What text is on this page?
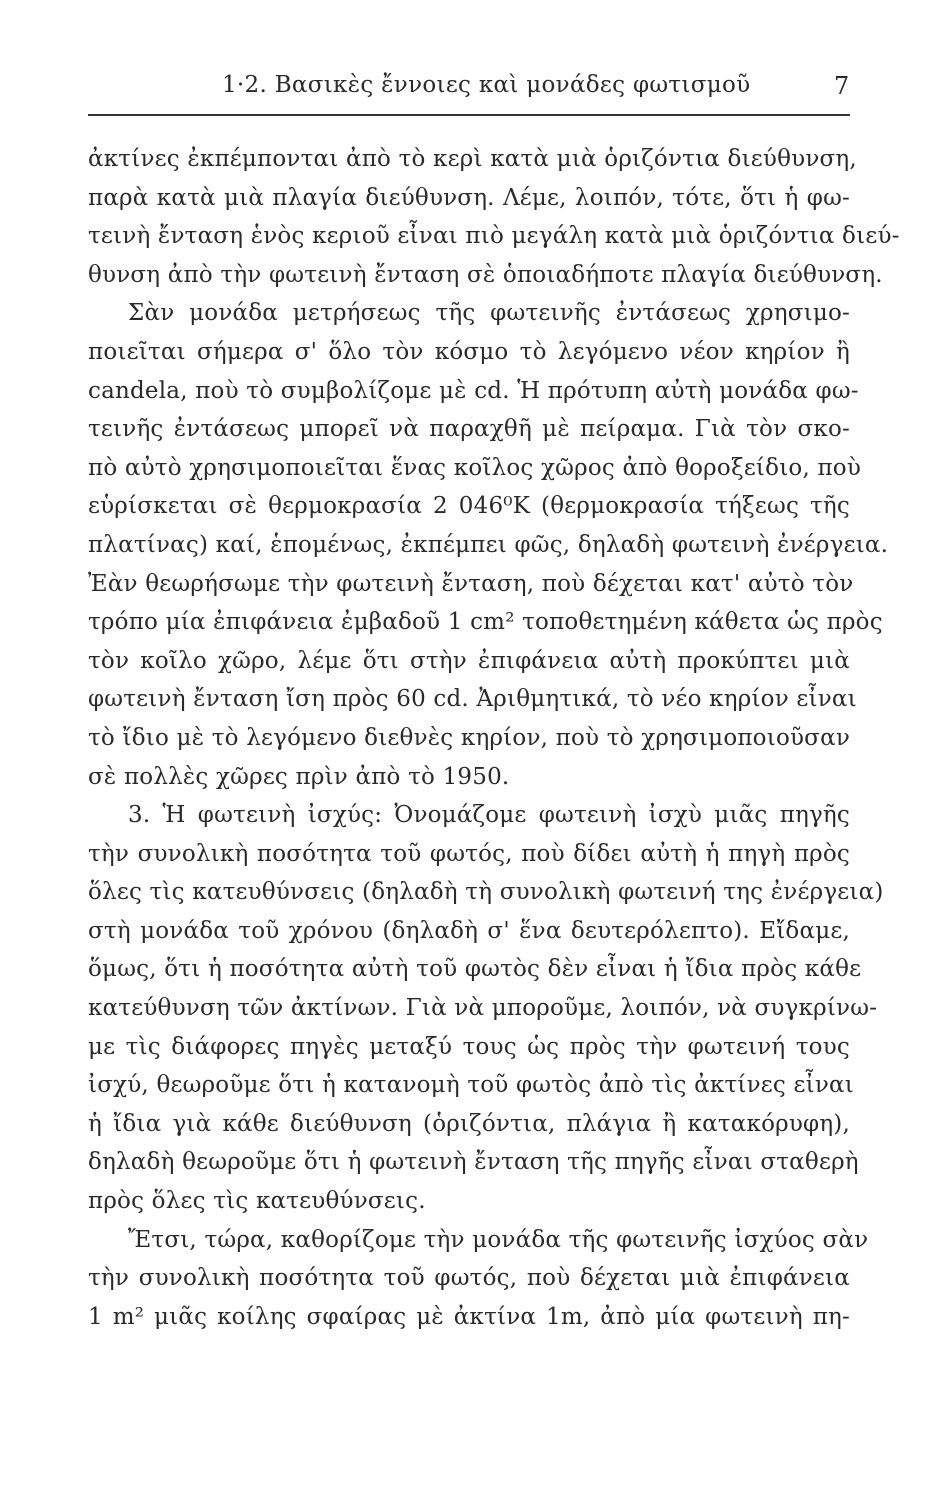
1·2. Βασικὲς ἔννοιες καὶ μονάδες φωτισμοῦ	7
ἀκτίνες ἐκπέμπονται ἀπὸ τὸ κερὶ κατὰ μιὰ ὁριζόντια διεύθυνση,
παρὰ κατὰ μιὰ πλαγία διεύθυνση. Λέμε, λοιπόν, τότε, ὅτι ἡ φω-
τεινὴ ἔνταση ἑνὸς κεριοῦ εἶναι πιὸ μεγάλη κατὰ μιὰ ὁριζόντια διεύ-
θυνση ἀπὸ τὴν φωτεινὴ ἔνταση σὲ ὁποιαδήποτε πλαγία διεύθυνση.
Σὰν μονάδα μετρήσεως τῆς φωτεινῆς ἐντάσεως χρησιμο-
ποιεῖται σήμερα σ' ὅλο τὸν κόσμο τὸ λεγόμενο νέον κηρίον ἢ
candela, ποὺ τὸ συμβολίζομε μὲ cd. Ἡ πρότυπη αὐτὴ μονάδα φω-
τεινῆς ἐντάσεως μπορεῖ νὰ παραχθῆ μὲ πείραμα. Γιὰ τὸν σκο-
πὸ αὐτὸ χρησιμοποιεῖται ἕνας κοῖλος χῶρος ἀπὸ θοροξείδιο, ποὺ
εὑρίσκεται σὲ θερμοκρασία 2 046⁰K (θερμοκρασία τήξεως τῆς
πλατίνας) καί, ἑπομένως, ἐκπέμπει φῶς, δηλαδὴ φωτεινὴ ἐνέργεια.
Ἐὰν θεωρήσωμε τὴν φωτεινὴ ἔνταση, ποὺ δέχεται κατ' αὐτὸ τὸν
τρόπο μία ἐπιφάνεια ἐμβαδοῦ 1 cm² τοποθετημένη κάθετα ὡς πρὸς
τὸν κοῖλο χῶρο, λέμε ὅτι στὴν ἐπιφάνεια αὐτὴ προκύπτει μιὰ
φωτεινὴ ἔνταση ἴση πρὸς 60 cd. Ἀριθμητικά, τὸ νέο κηρίον εἶναι
τὸ ἴδιο μὲ τὸ λεγόμενο διεθνὲς κηρίον, ποὺ τὸ χρησιμοποιοῦσαν
σὲ πολλὲς χῶρες πρὶν ἀπὸ τὸ 1950.
3. Ἡ φωτεινὴ ἰσχύς: Ὀνομάζομε φωτεινὴ ἰσχὺ μιᾶς πηγῆς
τὴν συνολικὴ ποσότητα τοῦ φωτός, ποὺ δίδει αὐτὴ ἡ πηγὴ πρὸς
ὅλες τὶς κατευθύνσεις (δηλαδὴ τὴ συνολικὴ φωτεινή της ἐνέργεια)
στὴ μονάδα τοῦ χρόνου (δηλαδὴ σ' ἕνα δευτερόλεπτο). Εἴδαμε,
ὅμως, ὅτι ἡ ποσότητα αὐτὴ τοῦ φωτὸς δὲν εἶναι ἡ ἴδια πρὸς κάθε
κατεύθυνση τῶν ἀκτίνων. Γιὰ νὰ μποροῦμε, λοιπόν, νὰ συγκρίνω-
με τὶς διάφορες πηγὲς μεταξύ τους ὡς πρὸς τὴν φωτεινή τους
ἰσχύ, θεωροῦμε ὅτι ἡ κατανομὴ τοῦ φωτὸς ἀπὸ τὶς ἀκτίνες εἶναι
ἡ ἴδια γιὰ κάθε διεύθυνση (ὁριζόντια, πλάγια ἢ κατακόρυφη),
δηλαδὴ θεωροῦμε ὅτι ἡ φωτεινὴ ἔνταση τῆς πηγῆς εἶναι σταθερὴ
πρὸς ὅλες τὶς κατευθύνσεις.
Ἔτσι, τώρα, καθορίζομε τὴν μονάδα τῆς φωτεινῆς ἰσχύος σὰν
τὴν συνολικὴ ποσότητα τοῦ φωτός, ποὺ δέχεται μιὰ ἐπιφάνεια
1 m² μιᾶς κοίλης σφαίρας μὲ ἀκτίνα 1m, ἀπὸ μία φωτεινὴ πη-
